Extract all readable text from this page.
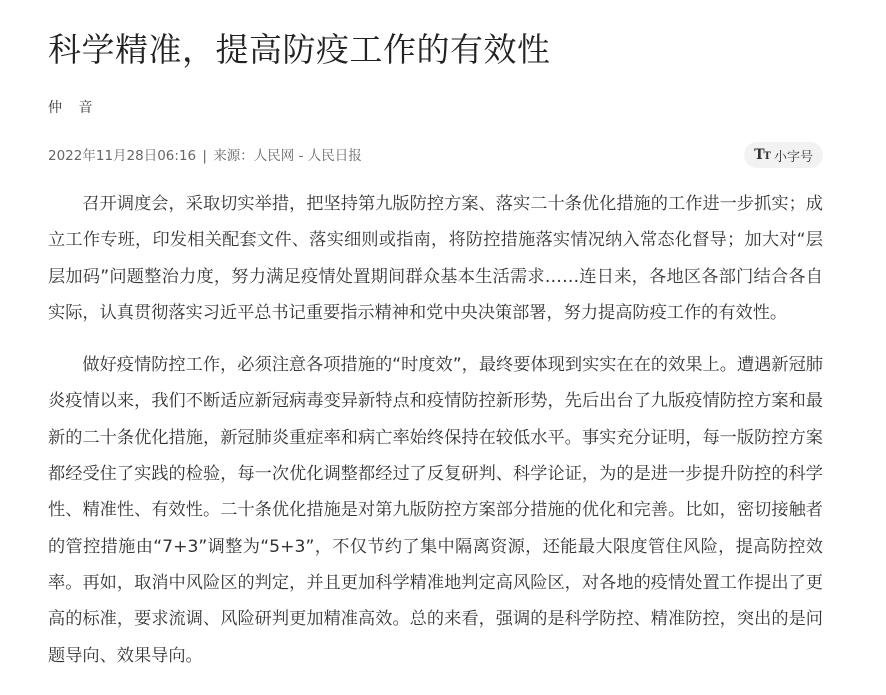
科学精准，提高防疫工作的有效性
仲 音
2022年11月28日06:16 | 来源：人民网 - 人民日报	TT 小字号

召开调度会，采取切实举措，把坚持第九版防控方案、落实二十条优化措施的工作进一步抓实；成立工作专班，印发相关配套文件、落实细则或指南，将防控措施落实情况纳入常态化督导；加大对“层层加码”问题整治力度，努力满足疫情处置期间群众基本生活需求……连日来，各地区各部门结合各自实际，认真贯彻落实习近平总书记重要指示精神和党中央决策部署，努力提高防疫工作的有效性。

做好疫情防控工作，必须注意各项措施的“时度效”，最终要体现到实实在在的效果上。遭遇新冠肺炎疫情以来，我们不断适应新冠病毒变异新特点和疫情防控新形势，先后出台了九版疫情防控方案和最新的二十条优化措施，新冠肺炎重症率和病亡率始终保持在较低水平。事实充分证明，每一版防控方案都经受住了实践的检验，每一次优化调整都经过了反复研判、科学论证，为的是进一步提升防控的科学性、精准性、有效性。二十条优化措施是对第九版防控方案部分措施的优化和完善。比如，密切接触者的管控措施由“7+3”调整为“5+3”，不仅节约了集中隔离资源，还能最大限度管住风险，提高防控效率。再如，取消中风险区的判定，并且更加科学精准地判定高风险区，对各地的疫情处置工作提出了更高的标准，要求流调、风险研判更加精准高效。总的来看，强调的是科学防控、精准防控，突出的是问题导向、效果导向。
